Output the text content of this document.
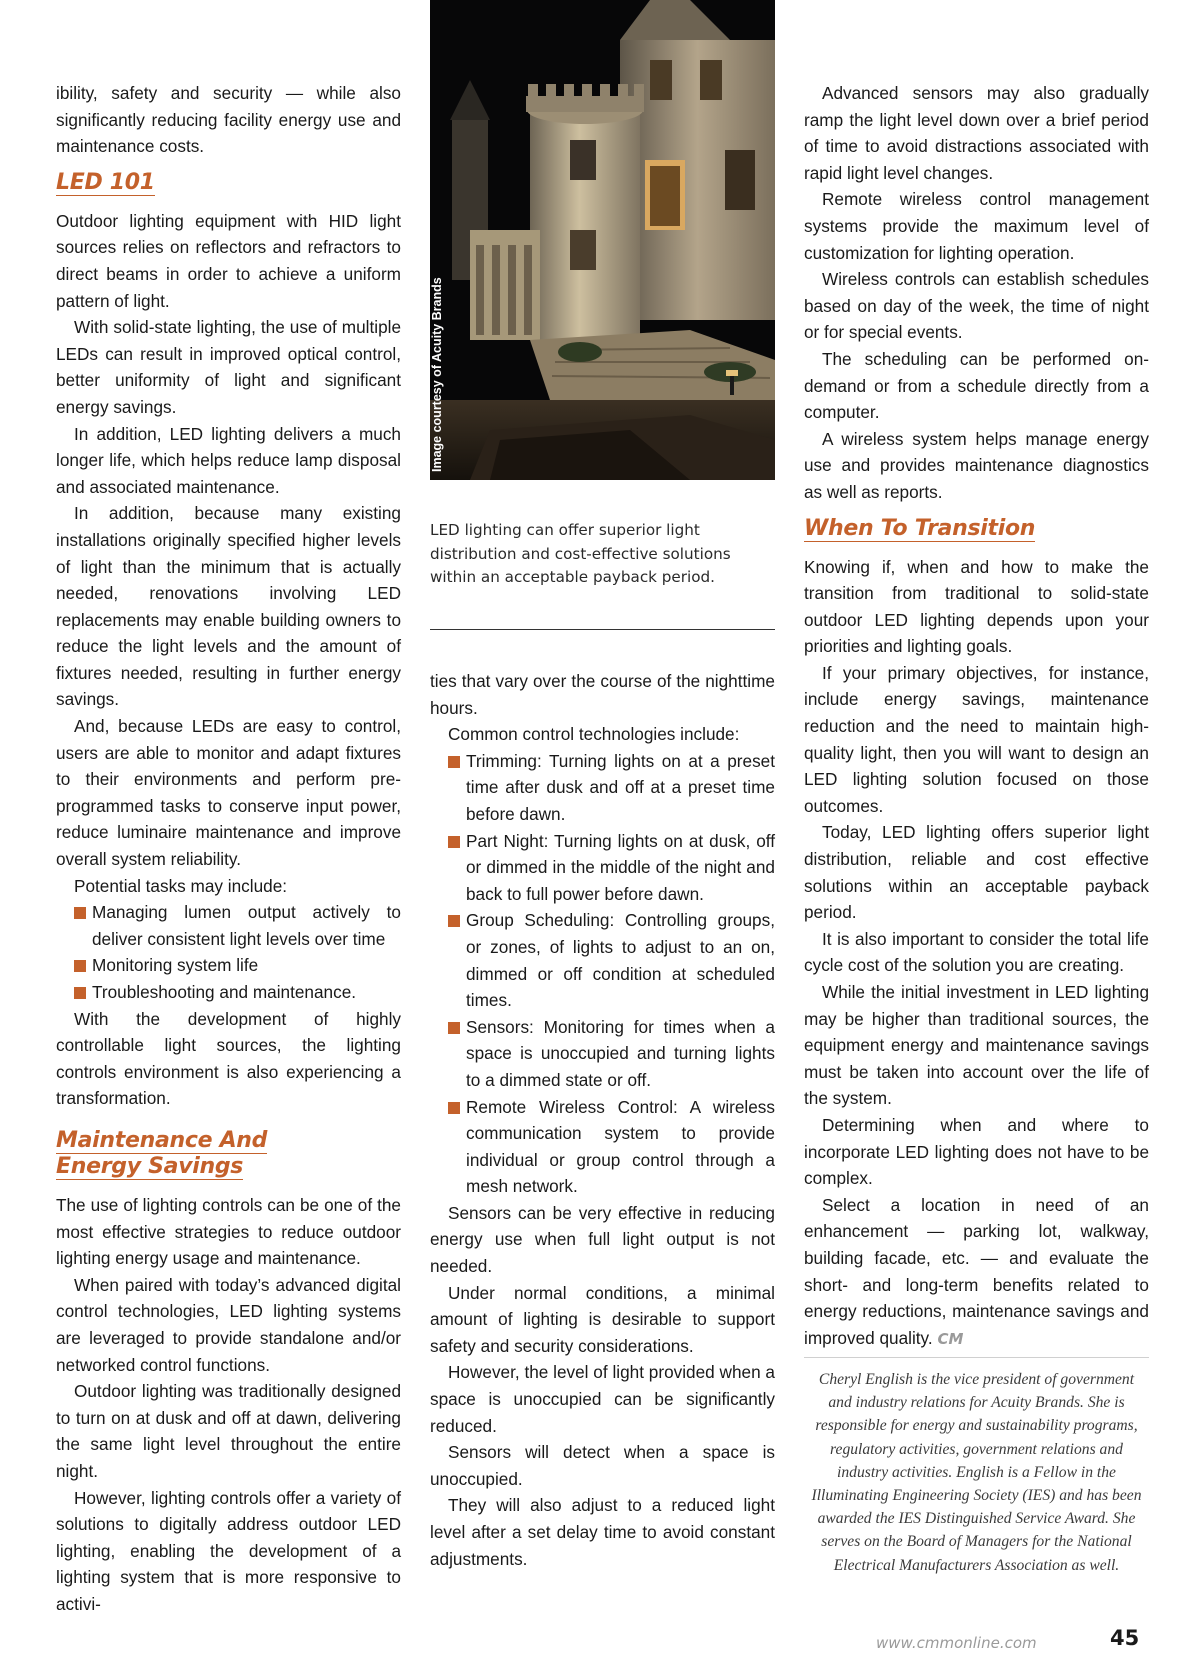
ibility, safety and security — while also significantly reducing facility energy use and maintenance costs.

LED 101

Outdoor lighting equipment with HID light sources relies on reflectors and refractors to direct beams in order to achieve a uniform pattern of light.

With solid-state lighting, the use of multiple LEDs can result in improved optical control, better uniformity of light and significant energy savings.

In addition, LED lighting delivers a much longer life, which helps reduce lamp disposal and associated maintenance.

In addition, because many existing installations originally specified higher levels of light than the minimum that is actually needed, renovations involving LED replacements may enable building owners to reduce the light levels and the amount of fixtures needed, resulting in further energy savings.

And, because LEDs are easy to control, users are able to monitor and adapt fixtures to their environments and perform pre-programmed tasks to conserve input power, reduce luminaire maintenance and improve overall system reliability.

Potential tasks may include:

Managing lumen output actively to deliver consistent light levels over time
Monitoring system life
Troubleshooting and maintenance.

With the development of highly controllable light sources, the lighting controls environment is also experiencing a transformation.

Maintenance And
Energy Savings

The use of lighting controls can be one of the most effective strategies to reduce outdoor lighting energy usage and maintenance.

When paired with today’s advanced digital control technologies, LED lighting systems are leveraged to provide standalone and/or networked control functions.

Outdoor lighting was traditionally designed to turn on at dusk and off at dawn, delivering the same light level throughout the entire night.

However, lighting controls offer a variety of solutions to digitally address outdoor LED lighting, enabling the development of a lighting system that is more responsive to activi-

Image courtesy of Acuity Brands

LED lighting can offer superior light distribution and cost-effective solutions within an acceptable payback period.

ties that vary over the course of the nighttime hours.

Common control technologies include:

Trimming: Turning lights on at a preset time after dusk and off at a preset time before dawn.
Part Night: Turning lights on at dusk, off or dimmed in the middle of the night and back to full power before dawn.
Group Scheduling: Controlling groups, or zones, of lights to adjust to an on, dimmed or off condition at scheduled times.
Sensors: Monitoring for times when a space is unoccupied and turning lights to a dimmed state or off.
Remote Wireless Control: A wireless communication system to provide individual or group control through a mesh network.

Sensors can be very effective in reducing energy use when full light output is not needed.

Under normal conditions, a minimal amount of lighting is desirable to support safety and security considerations.

However, the level of light provided when a space is unoccupied can be significantly reduced.

Sensors will detect when a space is unoccupied.

They will also adjust to a reduced light level after a set delay time to avoid constant adjustments.

Advanced sensors may also gradually ramp the light level down over a brief period of time to avoid distractions associated with rapid light level changes.

Remote wireless control management systems provide the maximum level of customization for lighting operation.

Wireless controls can establish schedules based on day of the week, the time of night or for special events.

The scheduling can be performed on-demand or from a schedule directly from a computer.

A wireless system helps manage energy use and provides maintenance diagnostics as well as reports.

When To Transition

Knowing if, when and how to make the transition from traditional to solid-state outdoor LED lighting depends upon your priorities and lighting goals.

If your primary objectives, for instance, include energy savings, maintenance reduction and the need to maintain high-quality light, then you will want to design an LED lighting solution focused on those outcomes.

Today, LED lighting offers superior light distribution, reliable and cost effective solutions within an acceptable payback period.

It is also important to consider the total life cycle cost of the solution you are creating.

While the initial investment in LED lighting may be higher than traditional sources, the equipment energy and maintenance savings must be taken into account over the life of the system.

Determining when and where to incorporate LED lighting does not have to be complex.

Select a location in need of an enhancement — parking lot, walkway, building facade, etc. — and evaluate the short- and long-term benefits related to energy reductions, maintenance savings and improved quality. CM

Cheryl English is the vice president of government and industry relations for Acuity Brands. She is responsible for energy and sustainability programs, regulatory activities, government relations and industry activities. English is a Fellow in the Illuminating Engineering Society (IES) and has been awarded the IES Distinguished Service Award. She serves on the Board of Managers for the National Electrical Manufacturers Association as well.

www.cmmonline.com	45
